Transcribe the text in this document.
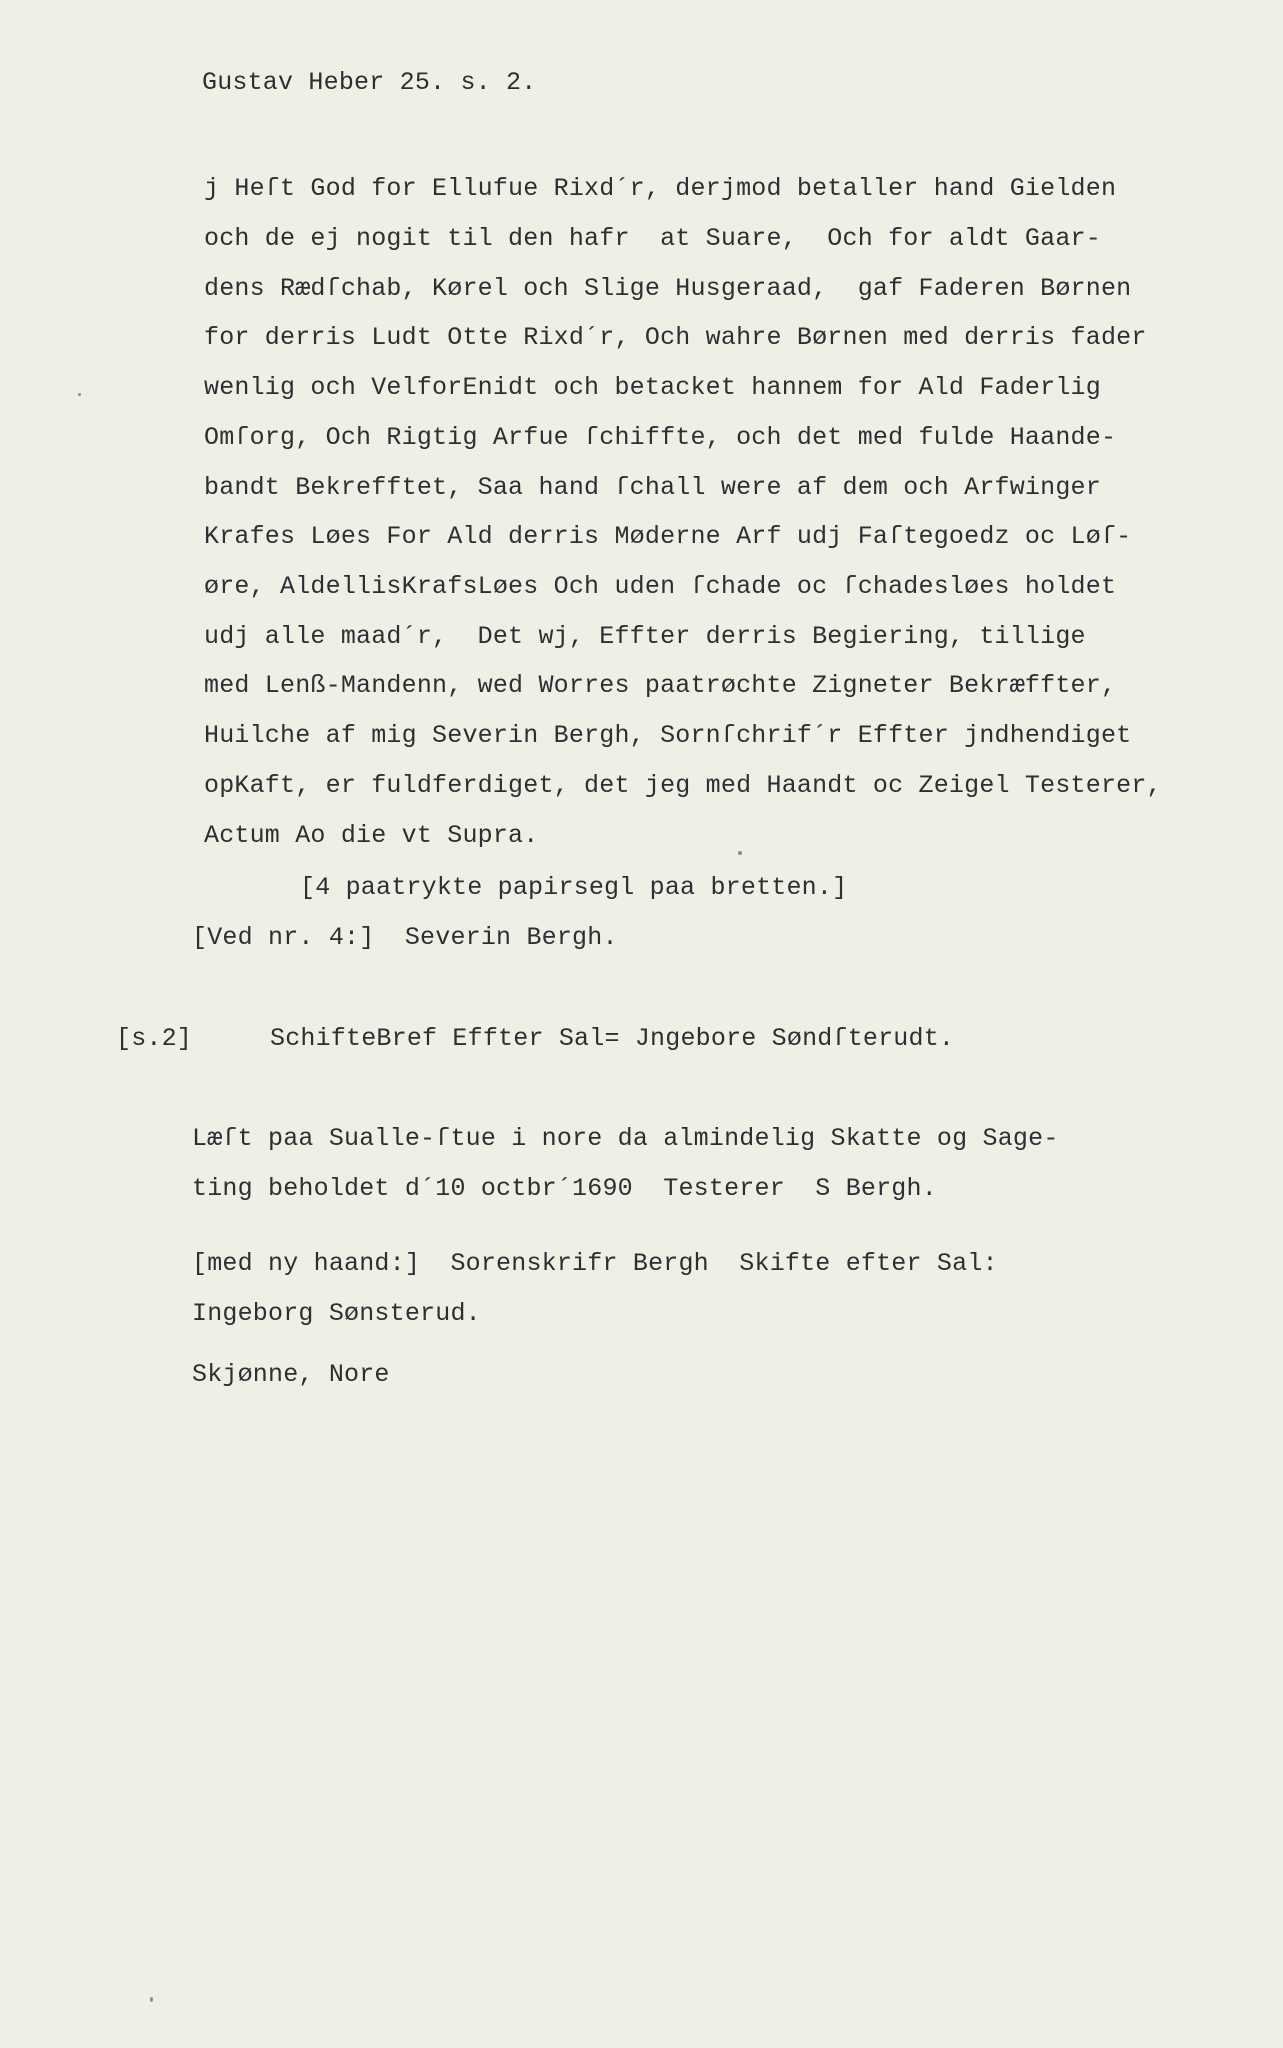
Gustav Heber 25. s. 2.
j Heſt God for Ellufue Rixd´r, derjmod betaller hand Gielden
och de ej nogit til den hafr  at Suare,  Och for aldt Gaar-
dens Rædſchab, Kørel och Slige Husgeraad,  gaf Faderen Børnen
for derris Ludt Otte Rixd´r, Och wahre Børnen med derris fader
wenlig och VelforEnidt och betacket hannem for Ald Faderlig
Omſorg, Och Rigtig Arfue ſchiffte, och det med fulde Haande-
bandt Bekrefftet, Saa hand ſchall were af dem och Arfwinger
Krafes Løes For Ald derris Møderne Arf udj Faſtegoedz oc Løſ-
øre, AldellisKrafsLøes Och uden ſchade oc ſchadesløes holdet
udj alle maad´r,  Det wj, Effter derris Begiering, tillige
med Lenß-Mandenn, wed Worres paatrøchte Zigneter Bekræffter,
Huilche af mig Severin Bergh, Sornſchrif´r Effter jndhendiget
opKaft, er fuldferdiget, det jeg med Haandt oc Zeigel Testerer,
Actum Ao die vt Supra.
[4 paatrykte papirsegl paa bretten.]
[Ved nr. 4:]  Severin Bergh.
[s.2]	SchifteBref Effter Sal= Jngebore Søndſterudt.
Læſt paa Sualle-ſtue i nore da almindelig Skatte og Sage-
ting beholdet d´10 octbr´1690  Testerer  S Bergh.
[med ny haand:]  Sorenskrifr Bergh  Skifte efter Sal:
Ingeborg Sønsterud.
Skjønne, Nore
